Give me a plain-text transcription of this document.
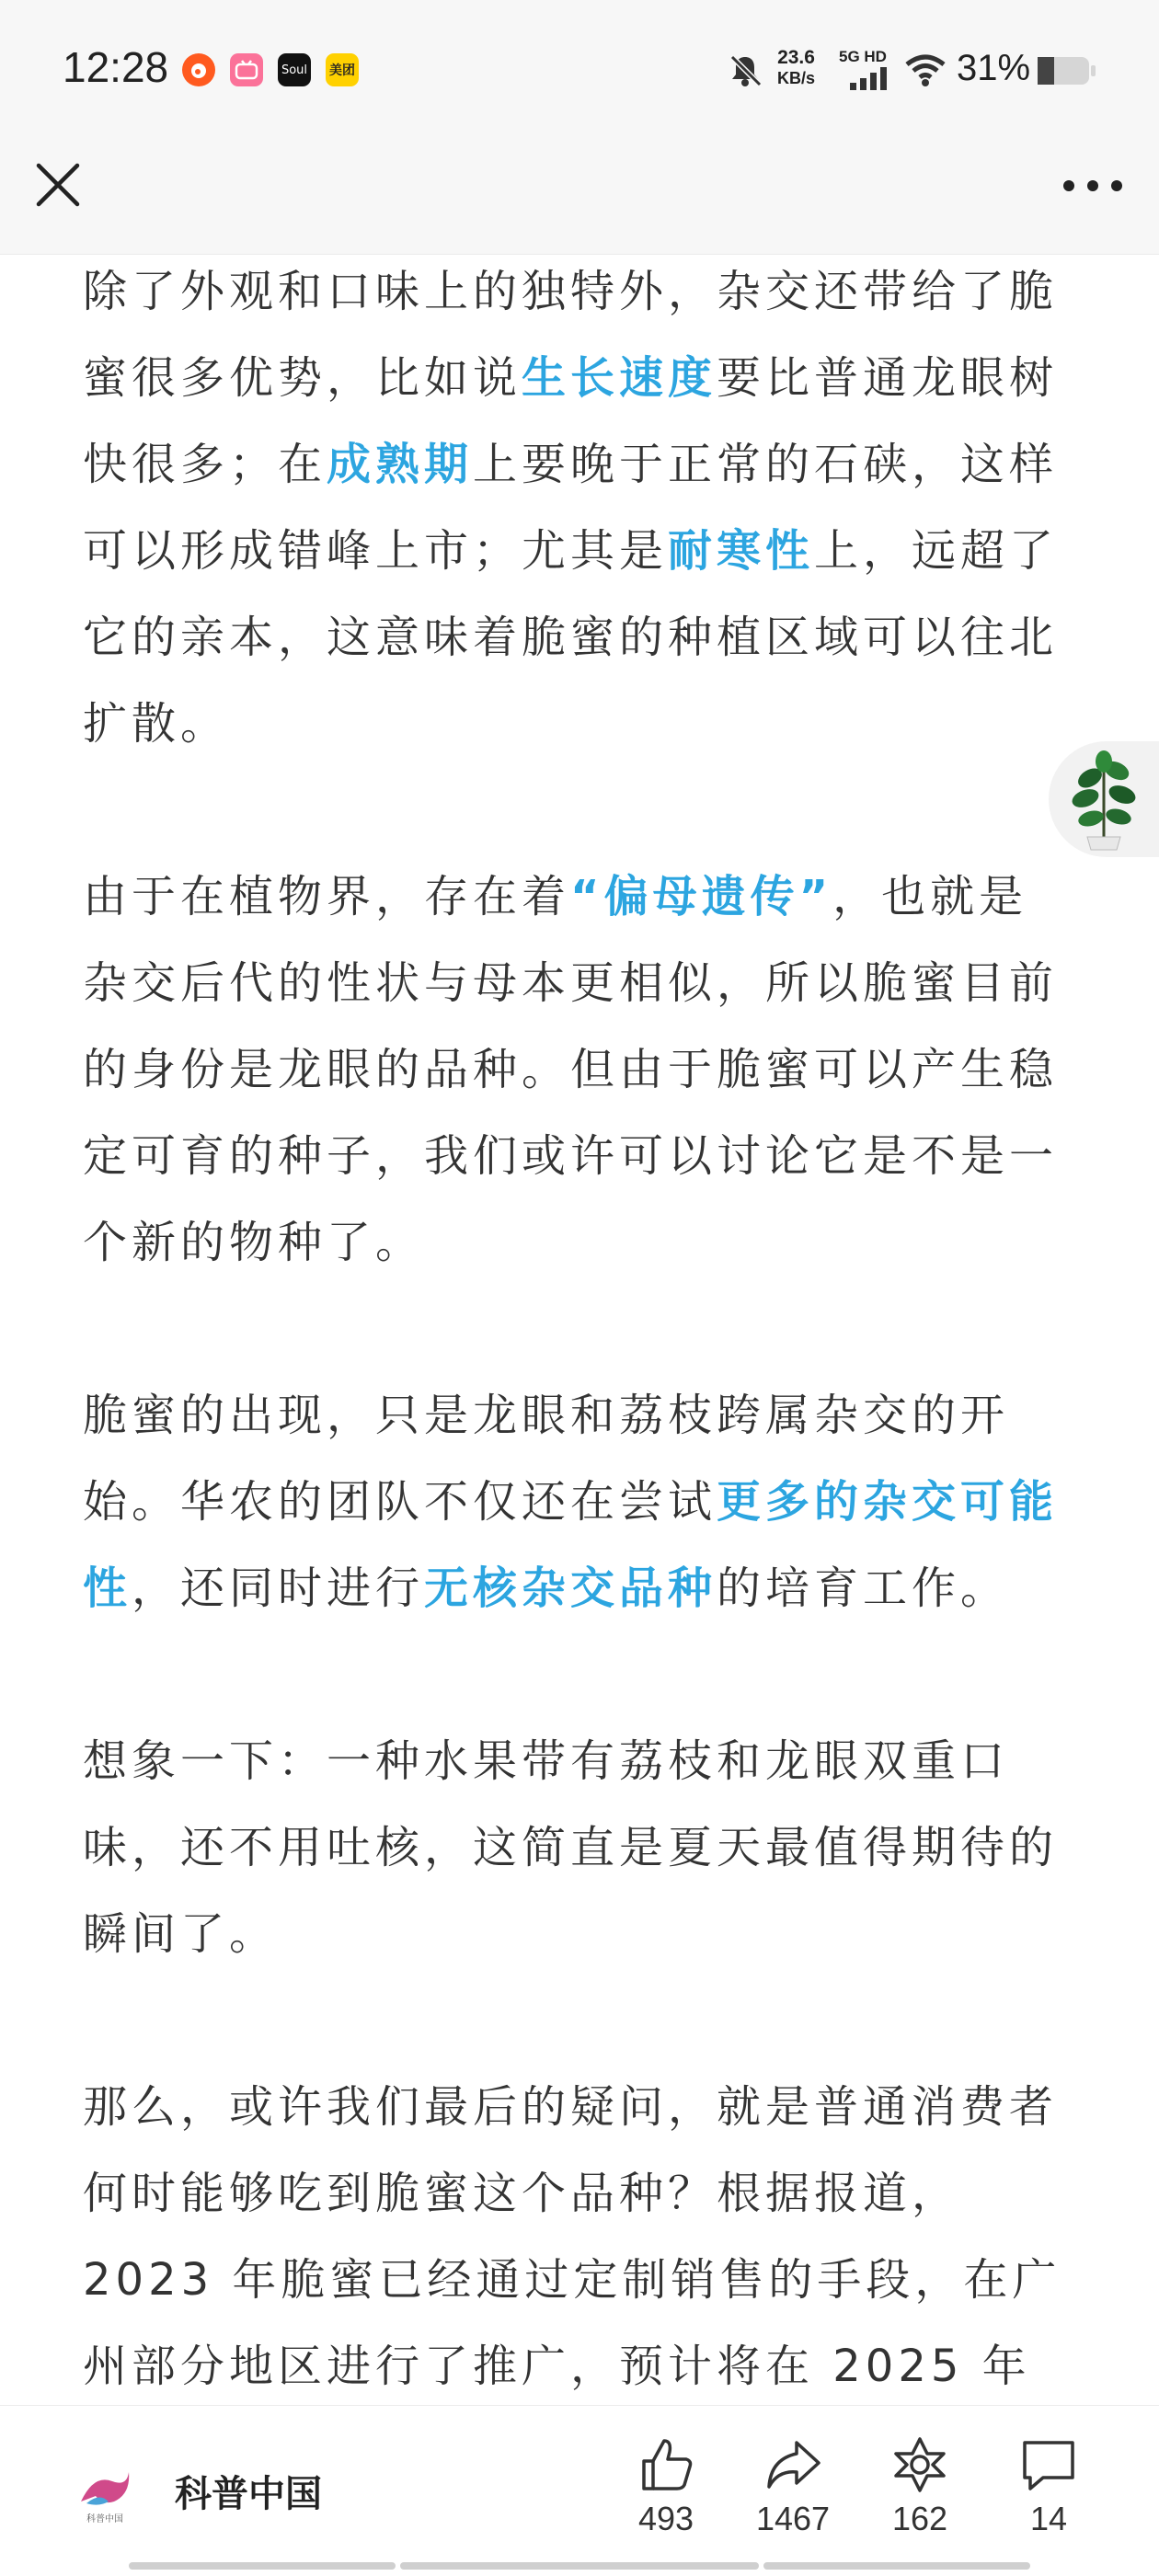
12:28	Soul 美团
23.6
KB/s
5G HD 31%

除了外观和口味上的独特外，杂交还带给了脆蜜很多优势，比如说生长速度要比普通龙眼树快很多；在成熟期上要晚于正常的石硖，这样可以形成错峰上市；尤其是耐寒性上，远超了它的亲本，这意味着脆蜜的种植区域可以往北扩散。

由于在植物界，存在着“偏母遗传”，也就是杂交后代的性状与母本更相似，所以脆蜜目前的身份是龙眼的品种。但由于脆蜜可以产生稳定可育的种子，我们或许可以讨论它是不是一个新的物种了。

脆蜜的出现，只是龙眼和荔枝跨属杂交的开始。华农的团队不仅还在尝试更多的杂交可能性，还同时进行无核杂交品种的培育工作。

想象一下：一种水果带有荔枝和龙眼双重口味，还不用吐核，这简直是夏天最值得期待的瞬间了。

那么，或许我们最后的疑问，就是普通消费者何时能够吃到脆蜜这个品种？根据报道，2023 年脆蜜已经通过定制销售的手段，在广州部分地区进行了推广，预计将在 2025 年

科普中国
科普中国
493	1467	162	14
